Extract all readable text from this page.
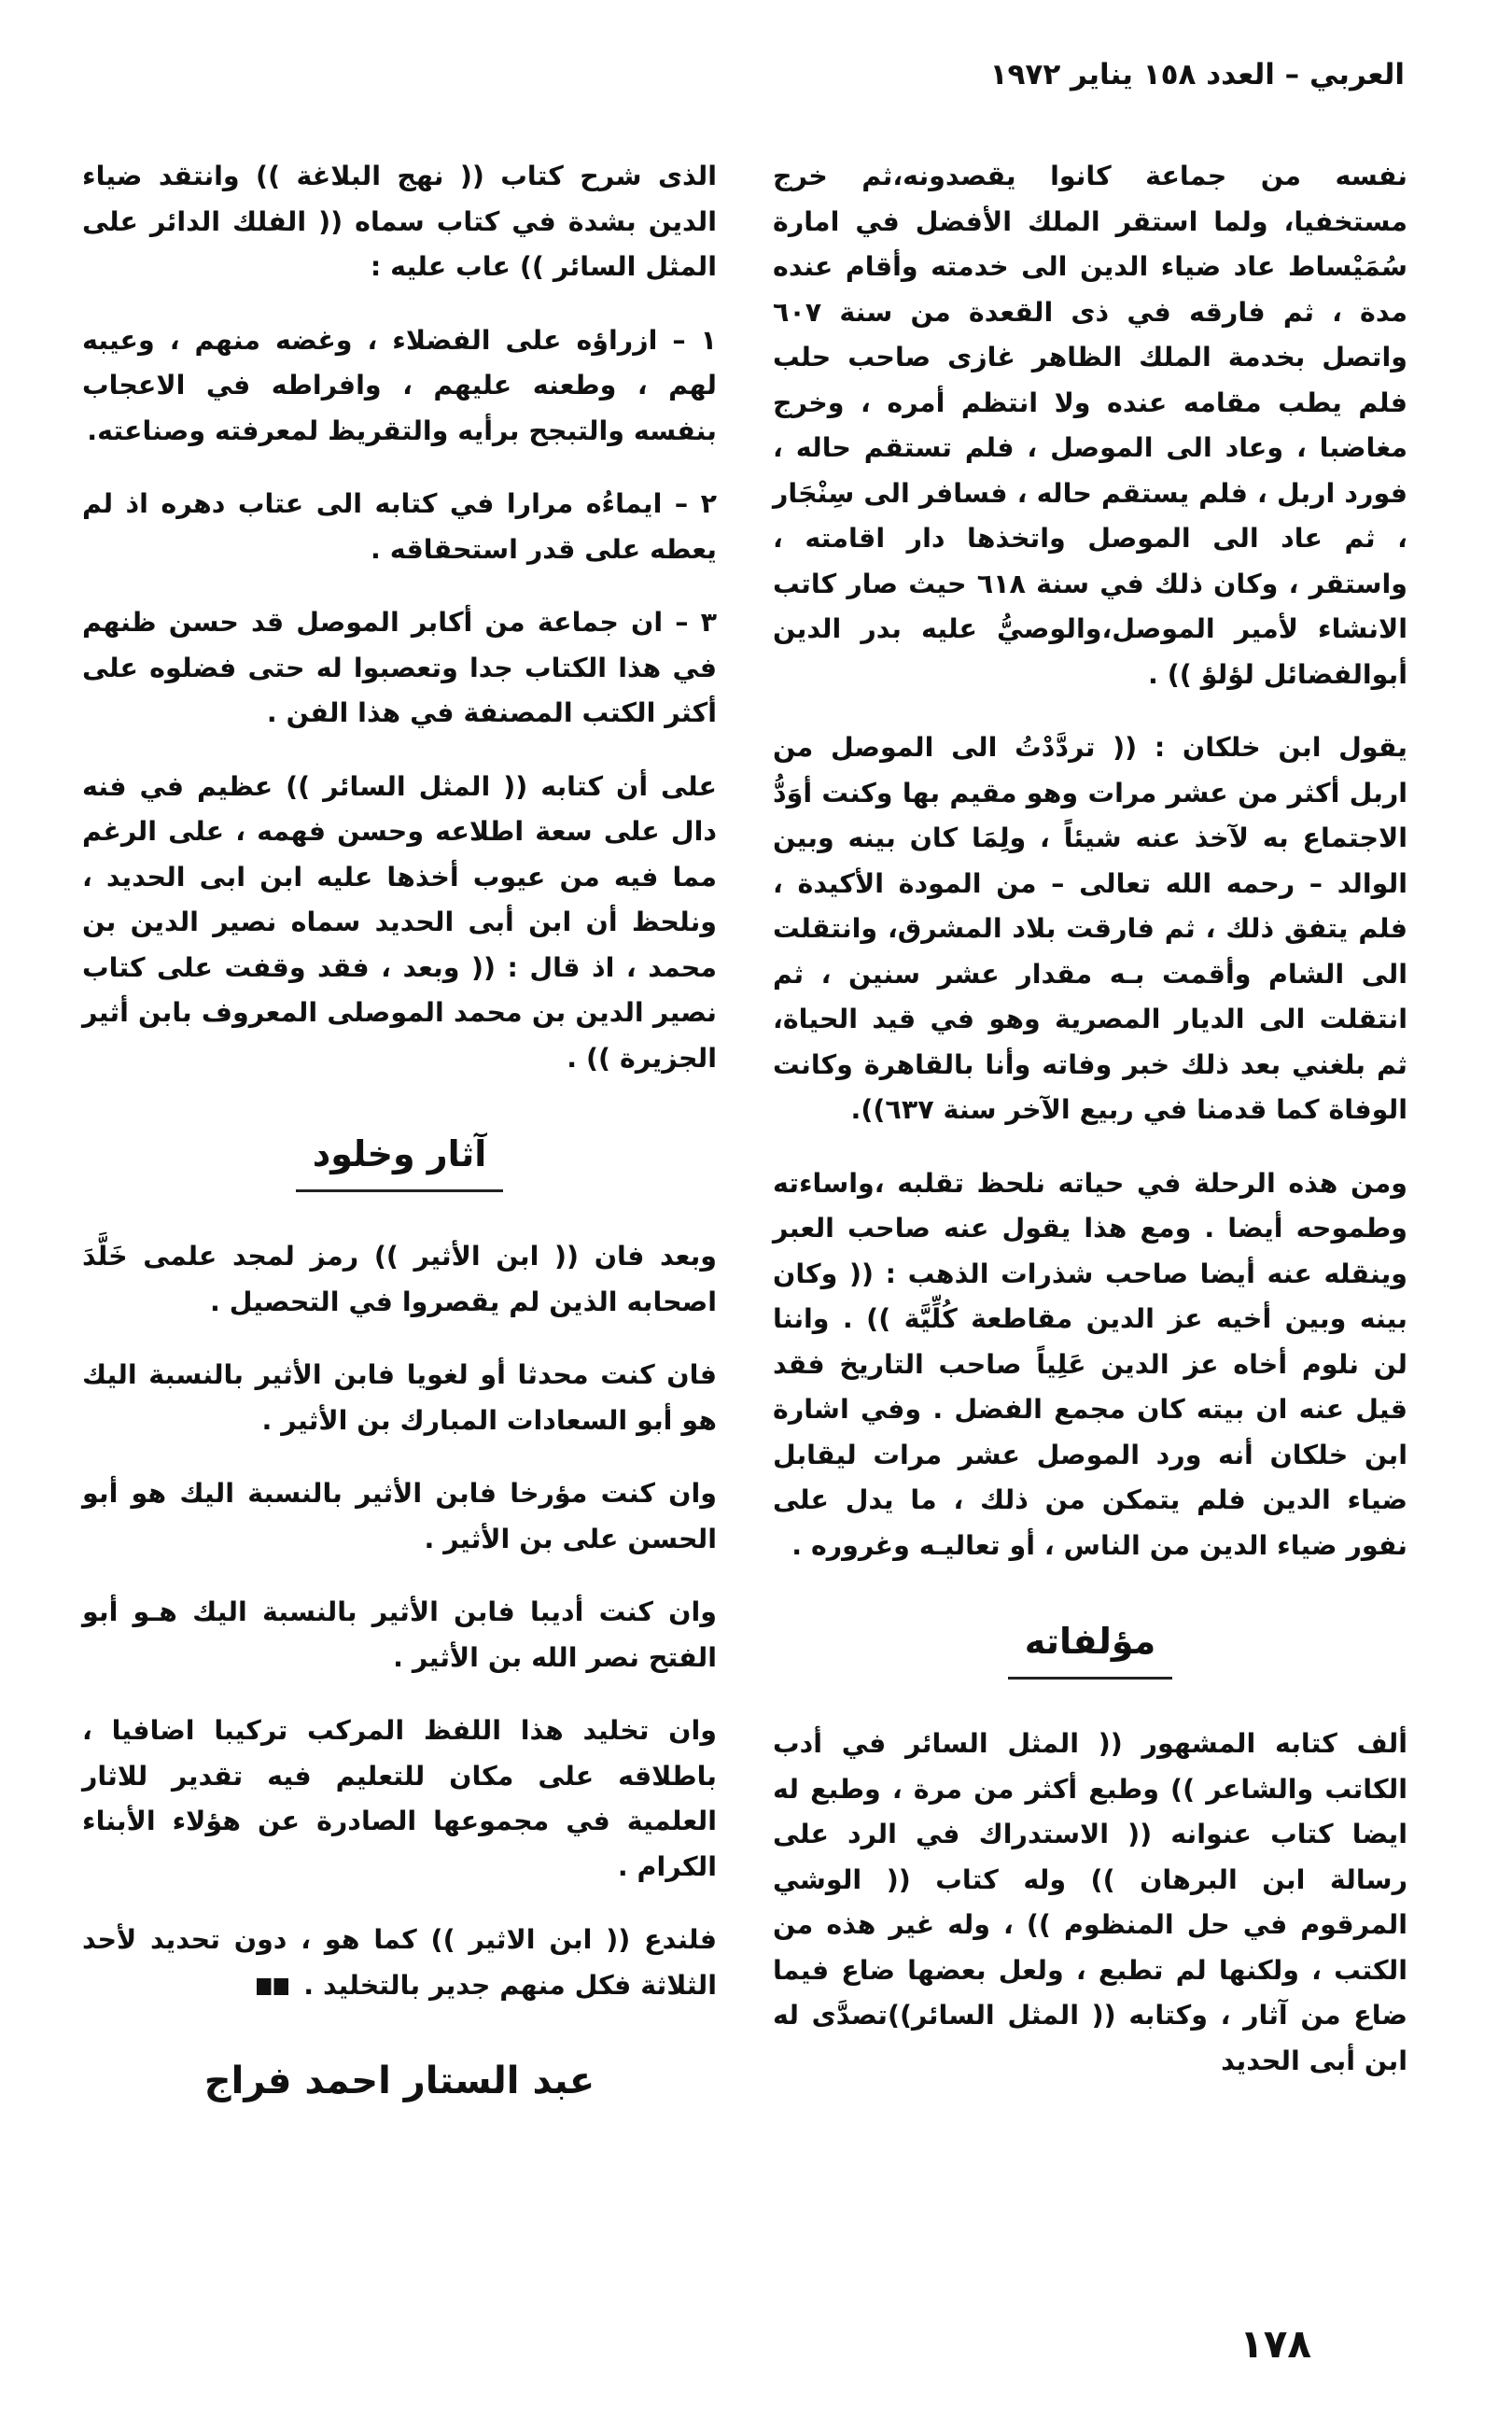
العربي – العدد ١٥٨ يناير ١٩٧٢

نفسه من جماعة كانوا يقصدونه،ثم خرج مستخفيا، ولما استقر الملك الأفضل في امارة سُمَيْساط عاد ضياء الدين الى خدمته وأقام عنده مدة ، ثم فارقه في ذى القعدة من سنة ٦٠٧ واتصل بخدمة الملك الظاهر غازى صاحب حلب فلم يطب مقامه عنده ولا انتظم أمره ، وخرج مغاضبا ، وعاد الى الموصل ، فلم تستقم حاله ، فورد اربل ، فلم يستقم حاله ، فسافر الى سِنْجَار ، ثم عاد الى الموصل واتخذها دار اقامته ، واستقر ، وكان ذلك في سنة ٦١٨ حيث صار كاتب الانشاء لأمير الموصل،والوصيُّ عليه بدر الدين أبوالفضائل لؤلؤ )) .

يقول ابن خلكان : (( تردَّدْتُ الى الموصل من اربل أكثر من عشر مرات وهو مقيم بها وكنت أوَدُّ الاجتماع به لآخذ عنه شيئاً ، ولِمَا كان بينه وبين الوالد – رحمه الله تعالى – من المودة الأكيدة ، فلم يتفق ذلك ، ثم فارقت بلاد المشرق، وانتقلت الى الشام وأقمت بـه مقدار عشر سنين ، ثم انتقلت الى الديار المصرية وهو في قيد الحياة، ثم بلغني بعد ذلك خبر وفاته وأنا بالقاهرة وكانت الوفاة كما قدمنا في ربيع الآخر سنة ٦٣٧)).

ومن هذه الرحلة في حياته نلحظ تقلبه ،واساءته وطموحه أيضا . ومع هذا يقول عنه صاحب العبر وينقله عنه أيضا صاحب شذرات الذهب : (( وكان بينه وبين أخيه عز الدين مقاطعة كُلِّيَّة )) . واننا لن نلوم أخاه عز الدين عَلِياً صاحب التاريخ فقد قيل عنه ان بيته كان مجمع الفضل . وفي اشارة ابن خلكان أنه ورد الموصل عشر مرات ليقابل ضياء الدين فلم يتمكن من ذلك ، ما يدل على نفور ضياء الدين من الناس ، أو تعاليـه وغروره .

مؤلفاته

ألف كتابه المشهور (( المثل السائر في أدب الكاتب والشاعر )) وطبع أكثر من مرة ، وطبع له ايضا كتاب عنوانه (( الاستدراك في الرد على رسالة ابن البرهان )) وله كتاب (( الوشي المرقوم في حل المنظوم )) ، وله غير هذه من الكتب ، ولكنها لم تطبع ، ولعل بعضها ضاع فيما ضاع من آثار ، وكتابه (( المثل السائر))تصدَّى له ابن أبى الحديد

الذى شرح كتاب (( نهج البلاغة )) وانتقد ضياء الدين بشدة في كتاب سماه (( الفلك الدائر على المثل السائر )) عاب عليه :

١ – ازراؤه على الفضلاء ، وغضه منهم ، وعيبه لهم ، وطعنه عليهم ، وافراطه في الاعجاب بنفسه والتبجح برأيه والتقريظ لمعرفته وصناعته.

٢ – ايماءُه مرارا في كتابه الى عتاب دهره اذ لم يعطه على قدر استحقاقه .

٣ – ان جماعة من أكابر الموصل قد حسن ظنهم في هذا الكتاب جدا وتعصبوا له حتى فضلوه على أكثر الكتب المصنفة في هذا الفن .

على أن كتابه (( المثل السائر )) عظيم في فنه دال على سعة اطلاعه وحسن فهمه ، على الرغم مما فيه من عيوب أخذها عليه ابن ابى الحديد ، ونلحظ أن ابن أبى الحديد سماه نصير الدين بن محمد ، اذ قال : (( وبعد ، فقد وقفت على كتاب نصير الدين بن محمد الموصلى المعروف بابن أثير الجزيرة )) .

آثار وخلود

وبعد فان (( ابن الأثير )) رمز لمجد علمى خَلَّدَ اصحابه الذين لم يقصروا في التحصيل .

فان كنت محدثا أو لغويا فابن الأثير بالنسبة اليك هو أبو السعادات المبارك بن الأثير .

وان كنت مؤرخا فابن الأثير بالنسبة اليك هو أبو الحسن على بن الأثير .

وان كنت أديبا فابن الأثير بالنسبة اليك هـو أبو الفتح نصر الله بن الأثير .

وان تخليد هذا اللفظ المركب تركيبا اضافيا ، باطلاقه على مكان للتعليم فيه تقدير للاثار العلمية في مجموعها الصادرة عن هؤلاء الأبناء الكرام .

فلندع (( ابن الاثير )) كما هو ، دون تحديد لأحد الثلاثة فكل منهم جدير بالتخليد .

عبد الستار احمد فراج
١٧٨
